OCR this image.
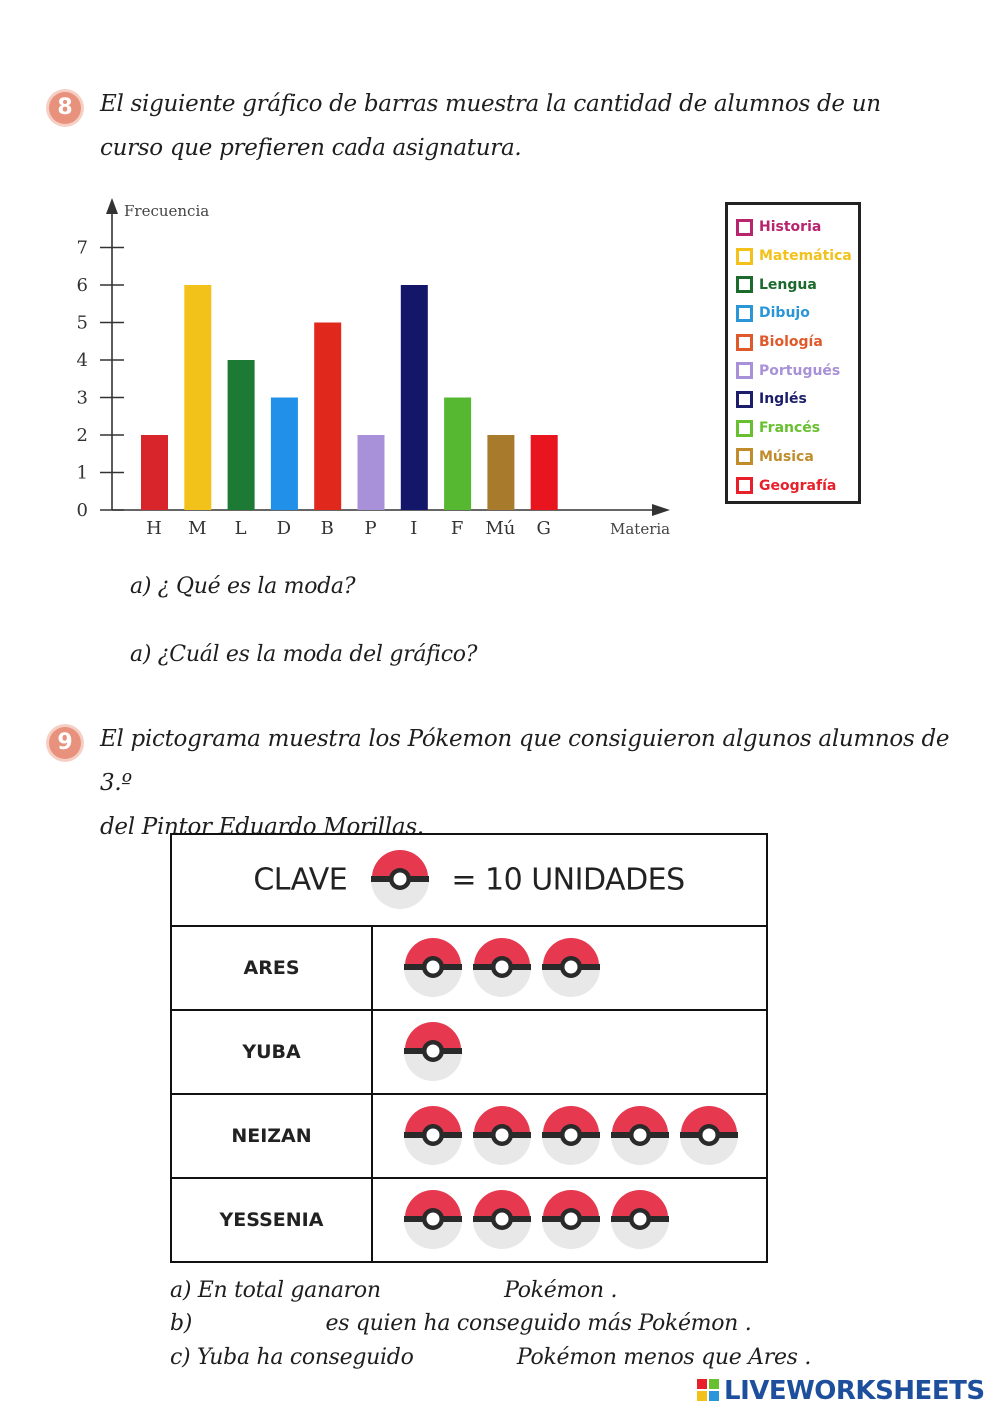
8	El siguiente gráfico de barras muestra la cantidad de alumnos de un
curso que prefieren cada asignatura.
Frecuencia
Materia
0
1
2
3
4
5
6
7
H M L D B P I F Mú G
Historia
Matemática
Lengua
Dibujo
Biología
Portugués
Inglés
Francés
Música
Geografía
a) ¿ Qué es la moda?
a) ¿Cuál es la moda del gráfico?
9	El pictograma muestra los Pókemon que consiguieron algunos alumnos de 3.º
del Pintor Eduardo Morillas.
CLAVE = 10 UNIDADES	
ARES	
YUBA	
NEIZAN	
YESSENIA	
a) En total ganaron	Pokémon .
b)	es quien ha conseguido más Pokémon .
c) Yuba ha conseguido	Pokémon menos que Ares .
LIVEWORKSHEETS
